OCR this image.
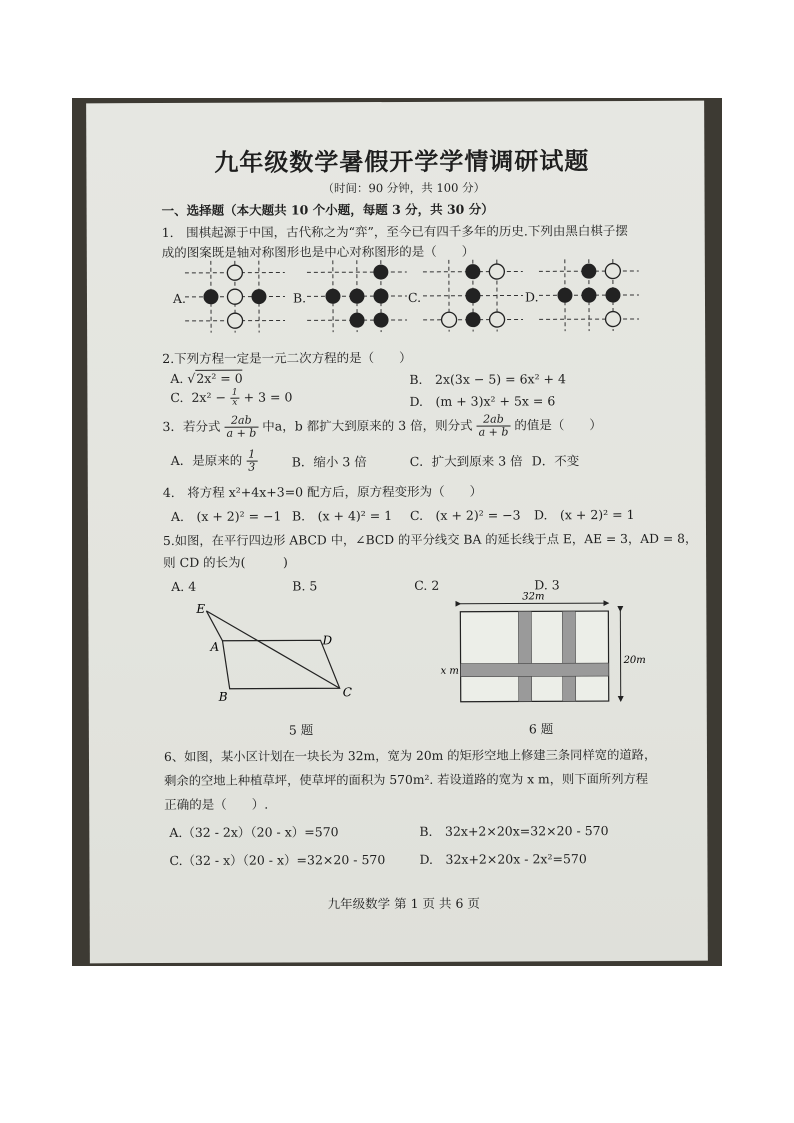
九年级数学暑假开学学情调研试题
（时间：90 分钟，共 100 分）
一、选择题（本大题共 10 个小题，每题 3 分，共 30 分）
1.　围棋起源于中国，古代称之为“弈”，至今已有四千多年的历史.下列由黑白棋子摆
成的图案既是轴对称图形也是中心对称图形的是（　　）
A.	B.	C.	D.
2.下列方程一定是一元二次方程的是（　　）
A. √2x² = 0	B.　2x(3x − 5) = 6x² + 4
C. $2x^2 - \frac{1}{x} + 3 = 0$	D.　(m + 3)x² + 5x = 6
3．若分式 $\frac{2ab}{a + b}$ 中a，b 都扩大到原来的 3 倍，则分式 $\frac{2ab}{a + b}$ 的值是（　　）
A．是原来的 $\frac{1}{3}$	B．缩小 3 倍	C．扩大到原来 3 倍 D．不变
4.　将方程 x²+4x+3=0 配方后，原方程变形为（　　）
A.　(x + 2)² = −1 B.　(x + 4)² = 1 C.　(x + 2)² = −3 D.　(x + 2)² = 1
5.如图，在平行四边形 ABCD 中，∠BCD 的平分线交 BA 的延长线于点 E，AE = 3，AD = 8，
则 CD 的长为(　　　)
A. 4	B. 5	C. 2	D. 3
E
A	D
B	C
5 题
32m
20m
x m
6 题
6、如图，某小区计划在一块长为 32m，宽为 20m 的矩形空地上修建三条同样宽的道路，
剩余的空地上种植草坪，使草坪的面积为 570m². 若设道路的宽为 x m，则下面所列方程
正确的是（　　）.
A.（32 - 2x）（20 - x）=570	B.　32x+2×20x=32×20 - 570
C.（32 - x）（20 - x）=32×20 - 570	D.　32x+2×20x - 2x²=570
九年级数学 第 1 页 共 6 页
